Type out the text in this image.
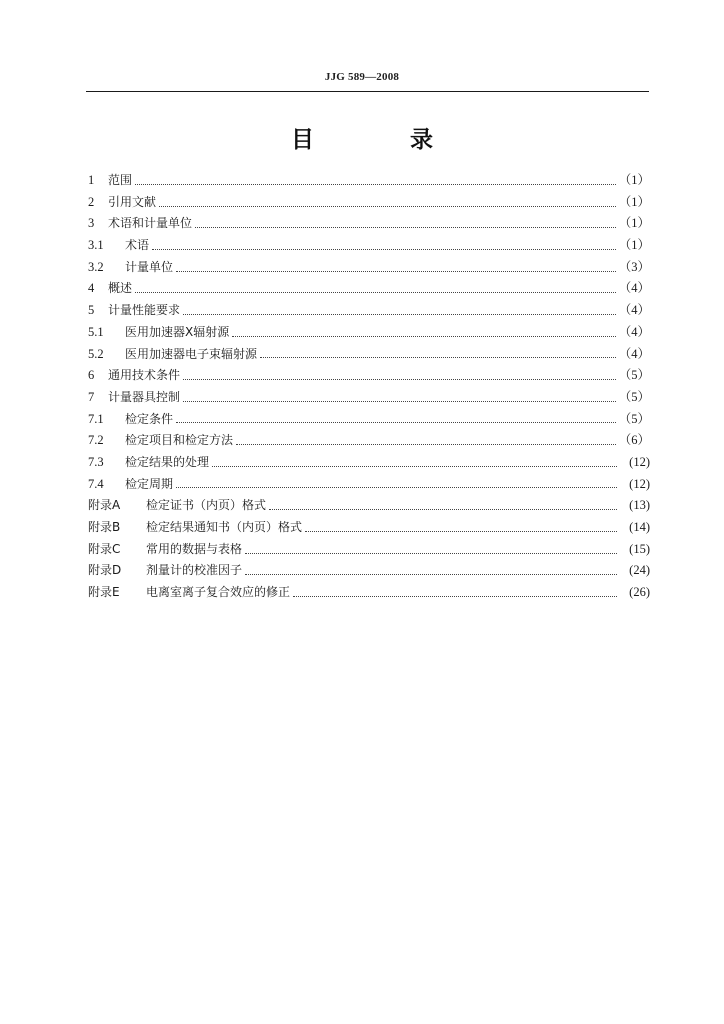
JJG 589—2008
目 录
1	范围	（1）
2	引用文献	（1）
3	术语和计量单位	（1）
3.1	术语	（1）
3.2	计量单位	（3）
4	概述	（4）
5	计量性能要求	（4）
5.1	医用加速器X辐射源	（4）
5.2	医用加速器电子束辐射源	（4）
6	通用技术条件	（5）
7	计量器具控制	（5）
7.1	检定条件	（5）
7.2	检定项目和检定方法	（6）
7.3	检定结果的处理	(12)
7.4	检定周期	(12)
附录A	检定证书（内页）格式	(13)
附录B	检定结果通知书（内页）格式	(14)
附录C	常用的数据与表格	(15)
附录D	剂量计的校准因子	(24)
附录E	电离室离子复合效应的修正	(26)
